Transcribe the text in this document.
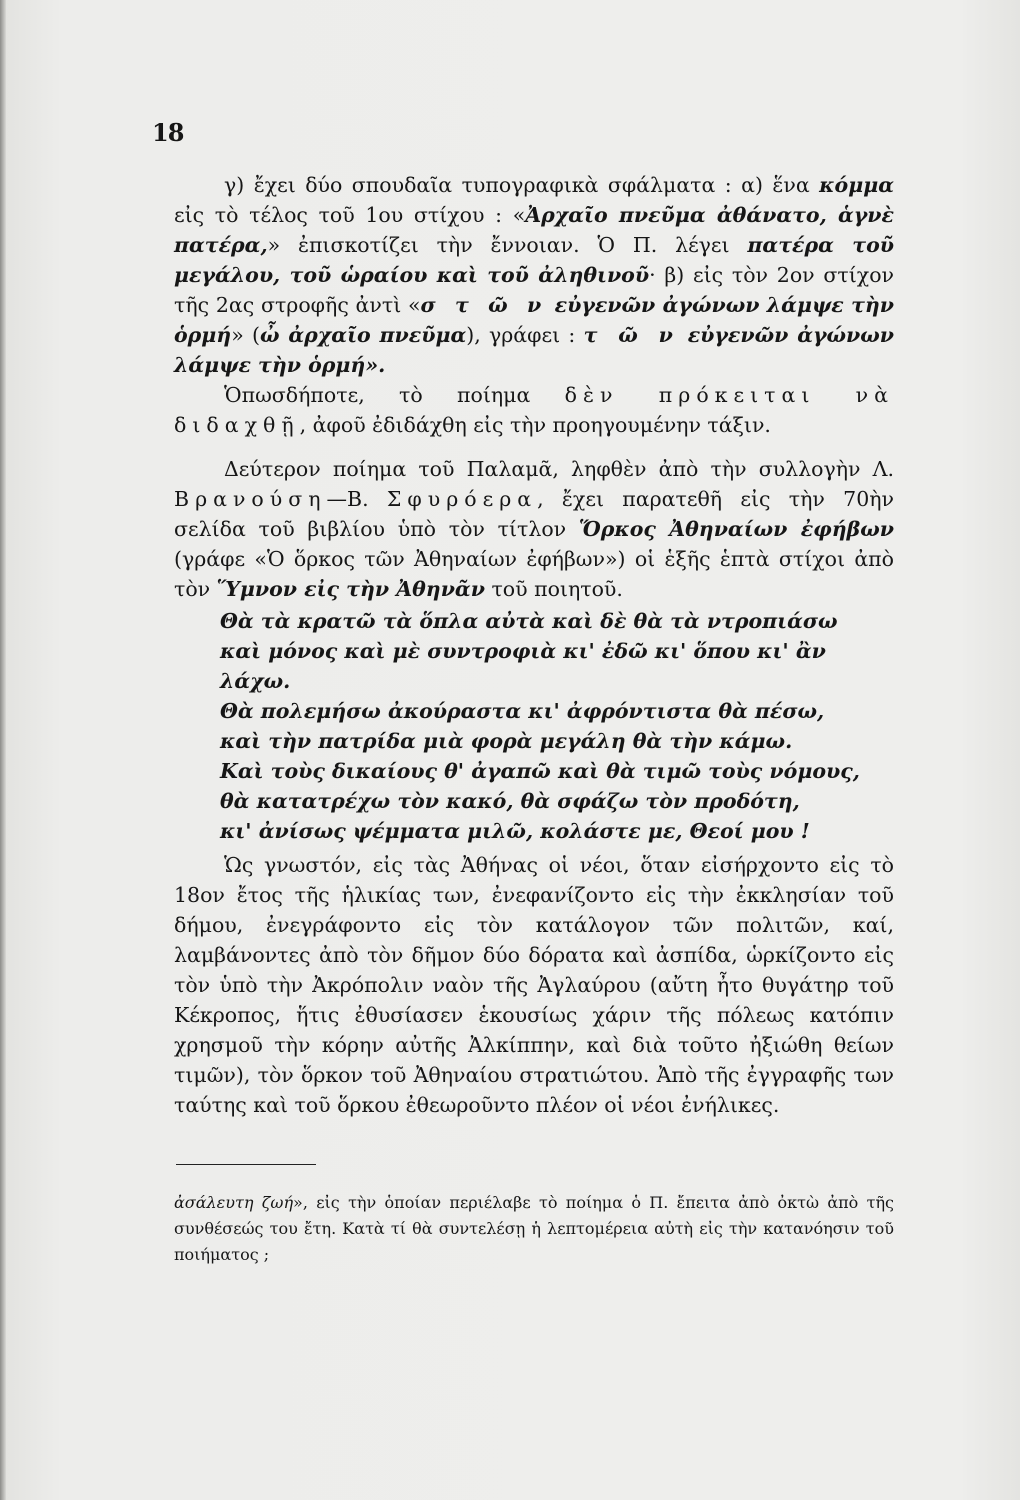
18

γ) ἔχει δύο σπουδαῖα τυπογραφικὰ σφάλματα : α) ἕνα κόμμα εἰς τὸ τέλος τοῦ 1ου στίχου : «Ἀρχαῖο πνεῦμα ἀθάνατο, ἁγνὲ πατέρα,» ἐπισκοτίζει τὴν ἔννοιαν. Ὁ Π. λέγει πατέρα τοῦ μεγάλου, τοῦ ὡραίου καὶ τοῦ ἀληθινοῦ· β) εἰς τὸν 2ον στίχον τῆς 2ας στροφῆς ἀντὶ «σ τ ῶ ν εὐγενῶν ἀγώνων λάμψε τὴν ὁρμή» (ὦ ἀρχαῖο πνεῦμα), γράφει : τ ῶ ν εὐγενῶν ἀγώνων λάμψε τὴν ὁρμή».

Ὁπωσδήποτε, τὸ ποίημα δὲν πρόκειται νὰ διδαχθῇ, ἀφοῦ ἐδιδάχθη εἰς τὴν προηγουμένην τάξιν.

Δεύτερον ποίημα τοῦ Παλαμᾶ, ληφθὲν ἀπὸ τὴν συλλογὴν Λ. Βρανούση—Β. Σφυρόερα, ἔχει παρατεθῆ εἰς τὴν 70ὴν σελίδα τοῦ βιβλίου ὑπὸ τὸν τίτλον Ὅρκος Ἀθηναίων ἐφήβων (γράφε «Ὁ ὅρκος τῶν Ἀθηναίων ἐφήβων») οἱ ἑξῆς ἑπτὰ στίχοι ἀπὸ τὸν Ὕμνον εἰς τὴν Ἀθηνᾶν τοῦ ποιητοῦ.

Θὰ τὰ κρατῶ τὰ ὅπλα αὐτὰ καὶ δὲ θὰ τὰ ντροπιάσω
καὶ μόνος καὶ μὲ συντροφιὰ κι' ἐδῶ κι' ὅπου κι' ἂν λάχω.
Θὰ πολεμήσω ἀκούραστα κι' ἀφρόντιστα θὰ πέσω,
καὶ τὴν πατρίδα μιὰ φορὰ μεγάλη θὰ τὴν κάμω.
Καὶ τοὺς δικαίους θ' ἀγαπῶ καὶ θὰ τιμῶ τοὺς νόμους,
θὰ κατατρέχω τὸν κακό, θὰ σφάζω τὸν προδότη,
κι' ἀνίσως ψέμματα μιλῶ, κολάστε με, Θεοί μου !

Ὡς γνωστόν, εἰς τὰς Ἀθήνας οἱ νέοι, ὅταν εἰσήρχοντο εἰς τὸ 18ον ἔτος τῆς ἡλικίας των, ἐνεφανίζοντο εἰς τὴν ἐκκλησίαν τοῦ δήμου, ἐνεγράφοντο εἰς τὸν κατάλογον τῶν πολιτῶν, καί, λαμβάνοντες ἀπὸ τὸν δῆμον δύο δόρατα καὶ ἀσπίδα, ὡρκίζοντο εἰς τὸν ὑπὸ τὴν Ἀκρόπολιν ναὸν τῆς Ἀγλαύρου (αὔτη ἦτο θυγάτηρ τοῦ Κέκροπος, ἥτις ἐθυσίασεν ἑκουσίως χάριν τῆς πόλεως κατόπιν χρησμοῦ τὴν κόρην αὐτῆς Ἀλκίππην, καὶ διὰ τοῦτο ἠξιώθη θείων τιμῶν), τὸν ὅρκον τοῦ Ἀθηναίου στρατιώτου. Ἀπὸ τῆς ἐγγραφῆς των ταύτης καὶ τοῦ ὅρκου ἐθεωροῦντο πλέον οἱ νέοι ἐνήλικες.

ἀσάλευτη ζωή», εἰς τὴν ὁποίαν περιέλαβε τὸ ποίημα ὁ Π. ἔπειτα ἀπὸ ὀκτὼ ἀπὸ τῆς συνθέσεώς του ἔτη. Κατὰ τί θὰ συντελέσῃ ἡ λεπτομέρεια αὐτὴ εἰς τὴν κατανόησιν τοῦ ποιήματος ;
